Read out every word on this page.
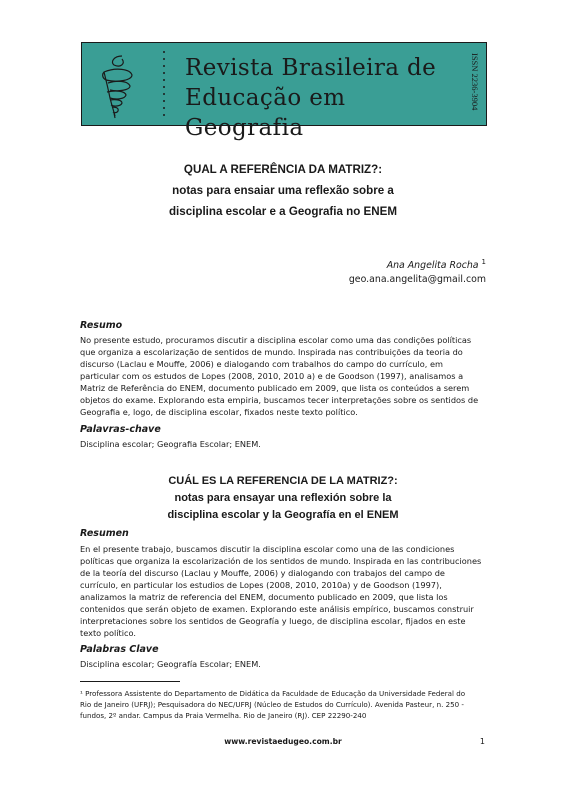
Revista Brasileira de
Educação em Geografia
ISSN 2236-3904
QUAL A REFERÊNCIA DA MATRIZ?:
notas para ensaiar uma reflexão sobre a
disciplina escolar e a Geografia no ENEM
Ana Angelita Rocha $^1$
geo.ana.angelita@gmail.com
Resumo
No presente estudo, procuramos discutir a disciplina escolar como uma das condições políticas
que organiza a escolarização de sentidos de mundo. Inspirada nas contribuições da teoria do
discurso (Laclau e Mouffe, 2006) e dialogando com trabalhos do campo do currículo, em
particular com os estudos de Lopes (2008, 2010, 2010 a) e de Goodson (1997), analisamos a
Matriz de Referência do ENEM, documento publicado em 2009, que lista os conteúdos a serem
objetos do exame. Explorando esta empiria, buscamos tecer interpretações sobre os sentidos de
Geografia e, logo, de disciplina escolar, fixados neste texto político.
Palavras-chave
Disciplina escolar; Geografia Escolar; ENEM.
CUÁL ES LA REFERENCIA DE LA MATRIZ?:
notas para ensayar una reflexión sobre la
disciplina escolar y la Geografía en el ENEM
Resumen
En el presente trabajo, buscamos discutir la disciplina escolar como una de las condiciones
políticas que organiza la escolarización de los sentidos de mundo. Inspirada en las contribuciones
de la teoría del discurso (Laclau y Mouffe, 2006) y dialogando con trabajos del campo de
currículo, en particular los estudios de Lopes (2008, 2010, 2010a) y de Goodson (1997),
analizamos la matriz de referencia del ENEM, documento publicado en 2009, que lista los
contenidos que serán objeto de examen. Explorando este análisis empírico, buscamos construir
interpretaciones sobre los sentidos de Geografía y luego, de disciplina escolar, fijados en este
texto político.
Palabras Clave
Disciplina escolar; Geografía Escolar; ENEM.
¹ Professora Assistente do Departamento de Didática da Faculdade de Educação da Universidade Federal do
Rio de Janeiro (UFRJ); Pesquisadora do NEC/UFRJ (Núcleo de Estudos do Currículo). Avenida Pasteur, n. 250 -
fundos, 2º andar. Campus da Praia Vermelha. Rio de Janeiro (RJ). CEP 22290-240
www.revistaedugeo.com.br	1
